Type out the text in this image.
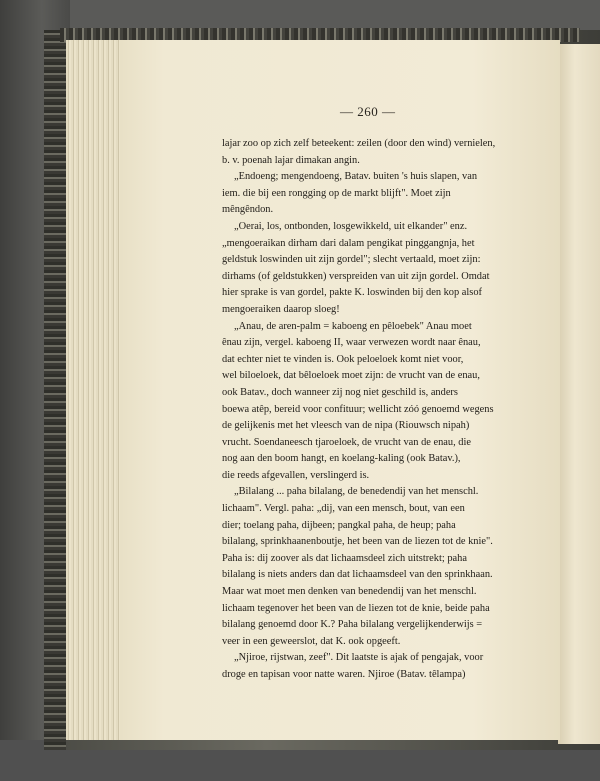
— 260 —
lajar zoo op zich zelf beteekent: zeilen (door den wind) vernielen,
b. v. poenah lajar dimakan angin.
„Endoeng; mengendoeng, Batav. buiten 's huis slapen, van
iem. die bij een rongging op de markt blijft". Moet zijn
mêngêndon.
„Oerai, los, ontbonden, losgewikkeld, uit elkander" enz.
„mengoeraikan dirham dari dalam pengikat pinggangnja, het
geldstuk loswinden uit zijn gordel"; slecht vertaald, moet zijn:
dirhams (of geldstukken) verspreiden van uit zijn gordel. Omdat
hier sprake is van gordel, pakte K. loswinden bij den kop alsof
mengoeraiken daarop sloeg!
„Anau, de aren-palm = kaboeng en pêloebek" Anau moet
ênau zijn, vergel. kaboeng II, waar verwezen wordt naar ênau,
dat echter niet te vinden is. Ook peloeloek komt niet voor,
wel biloeloek, dat bêloeloek moet zijn: de vrucht van de enau,
ook Batav., doch wanneer zij nog niet geschild is, anders
boewa atêp, bereid voor confituur; wellicht zóó genoemd wegens
de gelijkenis met het vleesch van de nipa (Riouwsch nipah)
vrucht. Soendaneesch tjaroeloek, de vrucht van de enau, die
nog aan den boom hangt, en koelang-kaling (ook Batav.),
die reeds afgevallen, verslingerd is.
„Bilalang ... paha bilalang, de benedendij van het menschl.
lichaam". Vergl. paha: „dij, van een mensch, bout, van een
dier; toelang paha, dijbeen; pangkal paha, de heup; paha
bilalang, sprinkhaanenboutje, het been van de liezen tot de knie".
Paha is: dij zoover als dat lichaamsdeel zich uitstrekt; paha
bilalang is niets anders dan dat lichaamsdeel van den sprinkhaan.
Maar wat moet men denken van benedendij van het menschl.
lichaam tegenover het been van de liezen tot de knie, beide paha
bilalang genoemd door K.? Paha bilalang vergelijkenderwijs =
veer in een geweerslot, dat K. ook opgeeft.
„Njiroe, rijstwan, zeef". Dit laatste is ajak of pengajak, voor
droge en tapisan voor natte waren. Njiroe (Batav. têlampa)
